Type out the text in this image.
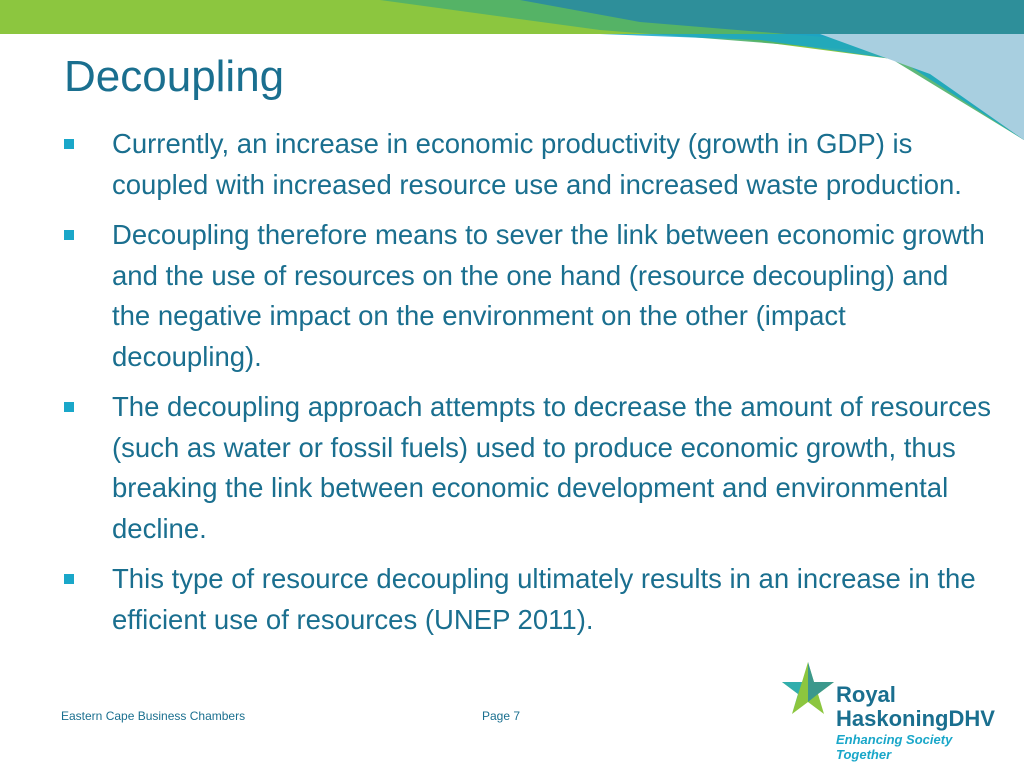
Decoupling
Currently, an increase in economic productivity (growth in GDP) is coupled with increased resource use and increased waste production.
Decoupling therefore means to sever the link between economic growth and the use of resources on the one hand (resource decoupling) and the negative impact on the environment on the other (impact decoupling).
The decoupling approach attempts to decrease the amount of resources (such as water or fossil fuels) used to produce economic growth, thus breaking the link between economic development and environmental decline.
This type of resource decoupling ultimately results in an increase in the efficient use of resources (UNEP 2011).
Eastern Cape Business Chambers	Page 7
Royal
HaskoningDHV
Enhancing Society Together
